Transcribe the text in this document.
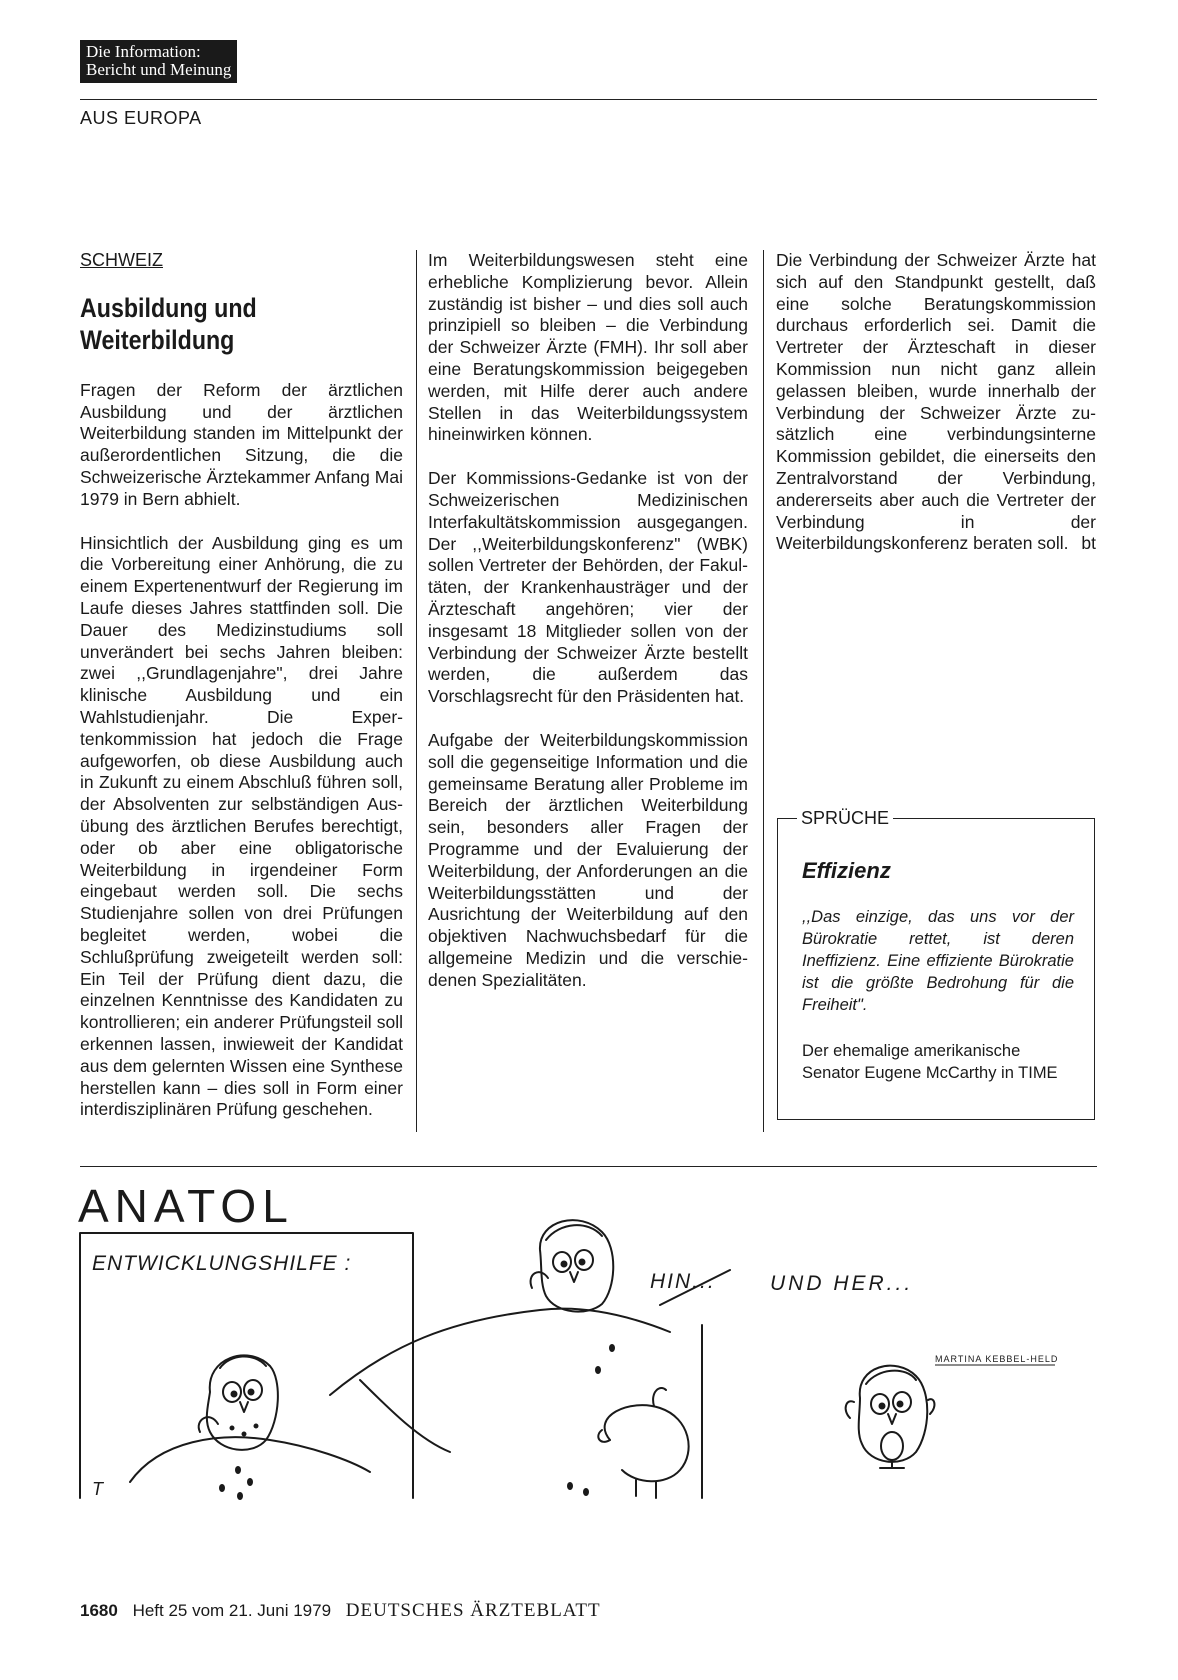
Die Information:
Bericht und Meinung
AUS EUROPA
SCHWEIZ
Ausbildung und
Weiterbildung

Fragen der Reform der ärztlichen Ausbildung und der ärztlichen Weiterbildung standen im Mittelpunkt der außerordentlichen Sitzung, die die Schweizerische Ärztekammer Anfang Mai 1979 in Bern abhielt.

Hinsichtlich der Ausbildung ging es um die Vorbereitung einer Anhörung, die zu einem Expertenentwurf der Regierung im Laufe dieses Jahres stattfinden soll. Die Dauer des Medizinstudiums soll unverändert bei sechs Jahren bleiben: zwei ,,Grundlagenjahre", drei Jahre klinische Ausbildung und ein Wahlstudienjahr. Die Expertenkommission hat jedoch die Frage aufgeworfen, ob diese Ausbildung auch in Zukunft zu einem Abschluß führen soll, der Absolventen zur selbständigen Ausübung des ärztlichen Berufes berechtigt, oder ob aber eine obligatorische Weiterbildung in irgendeiner Form eingebaut werden soll. Die sechs Studienjahre sollen von drei Prüfungen begleitet werden, wobei die Schlußprüfung zweigeteilt werden soll: Ein Teil der Prüfung dient dazu, die einzelnen Kenntnisse des Kandidaten zu kontrollieren; ein anderer Prüfungsteil soll erkennen lassen, inwieweit der Kandidat aus dem gelernten Wissen eine Synthese herstellen kann – dies soll in Form einer interdisziplinären Prüfung geschehen.

Im Weiterbildungswesen steht eine erhebliche Komplizierung bevor. Allein zuständig ist bisher – und dies soll auch prinzipiell so bleiben – die Verbindung der Schweizer Ärzte (FMH). Ihr soll aber eine Beratungskommission beigegeben werden, mit Hilfe derer auch andere Stellen in das Weiterbildungssystem hineinwirken können.

Der Kommissions-Gedanke ist von der Schweizerischen Medizinischen Interfakultätskommission ausgegangen. Der ,,Weiterbildungskonferenz" (WBK) sollen Vertreter der Behörden, der Fakultäten, der Krankenhausträger und der Ärzteschaft angehören; vier der insgesamt 18 Mitglieder sollen von der Verbindung der Schweizer Ärzte bestellt werden, die außerdem das Vorschlagsrecht für den Präsidenten hat.

Aufgabe der Weiterbildungskommission soll die gegenseitige Information und die gemeinsame Beratung aller Probleme im Bereich der ärztlichen Weiterbildung sein, besonders aller Fragen der Programme und der Evaluierung der Weiterbildung, der Anforderungen an die Weiterbildungsstätten und der Ausrichtung der Weiterbildung auf den objektiven Nachwuchsbedarf für die allgemeine Medizin und die verschiedenen Spezialitäten.

Die Verbindung der Schweizer Ärzte hat sich auf den Standpunkt gestellt, daß eine solche Beratungskommission durchaus erforderlich sei. Damit die Vertreter der Ärzteschaft in dieser Kommission nun nicht ganz allein gelassen bleiben, wurde innerhalb der Verbindung der Schweizer Ärzte zusätzlich eine verbindungsinterne Kommission gebildet, die einerseits den Zentralvorstand der Verbindung, andererseits aber auch die Vertreter der Verbindung in der Weiterbildungskonferenz beraten soll. bt

SPRÜCHE
Effizienz
,,Das einzige, das uns vor der Bürokratie rettet, ist deren Ineffizienz. Eine effiziente Bürokratie ist die größte Bedrohung für die Freiheit".
Der ehemalige amerikanische Senator Eugene McCarthy in TIME
ANATOL
ENTWICKLUNGSHILFE :
T
HIN...	UND HER...
MARTINA KEBBEL-HELD
1680 Heft 25 vom 21. Juni 1979 DEUTSCHES ÄRZTEBLATT
